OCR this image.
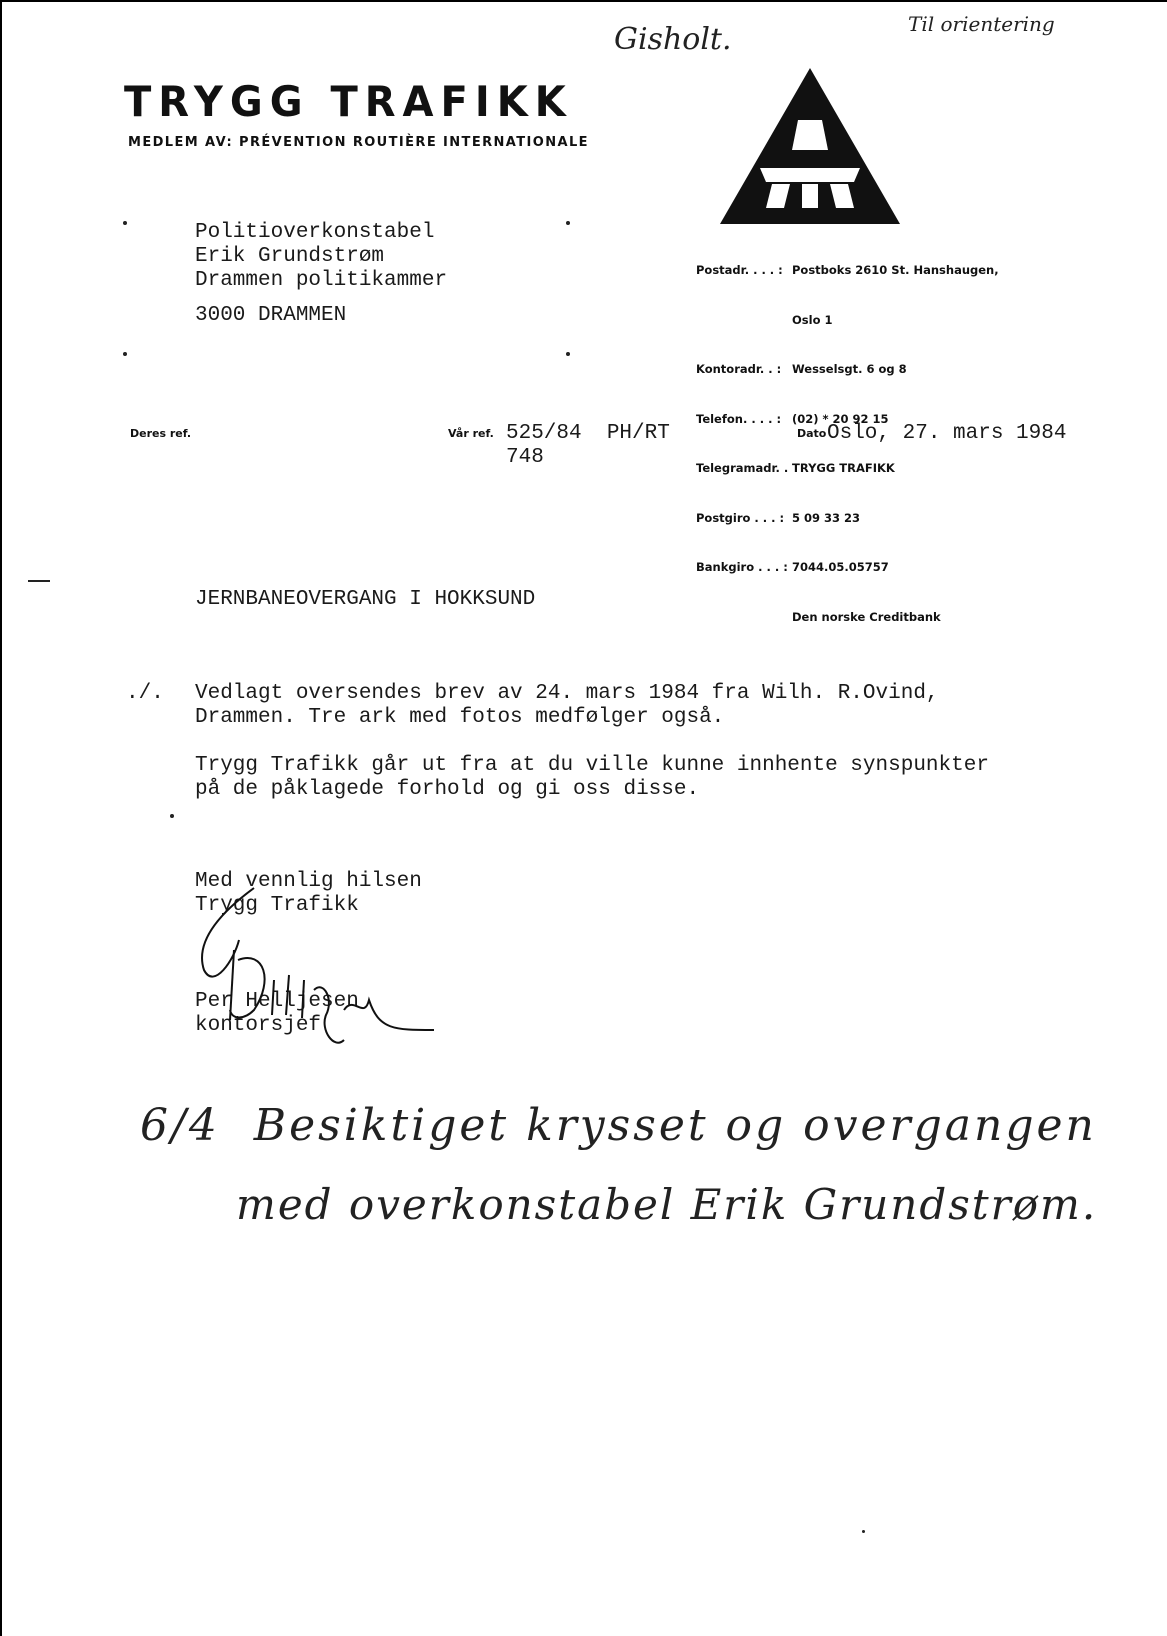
Gisholt.	Til orientering
TRYGG TRAFIKK
MEDLEM AV: PRÉVENTION ROUTIÈRE INTERNATIONALE

Postadr. . . . : Postboks 2610 St. Hanshaugen,

Oslo 1

Kontoradr. . : Wesselsgt. 6 og 8

Telefon. . . . : (02) * 20 92 15

Telegramadr. . TRYGG TRAFIKK

Postgiro . . . : 5 09 33 23

Bankgiro . . . : 7044.05.05757

Den norske Creditbank

Politioverkonstabel
Erik Grundstrøm
Drammen politikammer
3000 DRAMMEN
Deres ref.	Vår ref. 525/84  PH/RT
748
Dato Oslo, 27. mars 1984
JERNBANEOVERGANG I HOKKSUND
./. Vedlagt oversendes brev av 24. mars 1984 fra Wilh. R.Ovind,
Drammen. Tre ark med fotos medfølger også.
Trygg Trafikk går ut fra at du ville kunne innhente synspunkter
på de påklagede forhold og gi oss disse.
Med vennlig hilsen
Trygg Trafikk
Per Helljesen
kontorsjef

6/4  Besiktiget krysset og overgangen
med overkonstabel Erik Grundstrøm.
